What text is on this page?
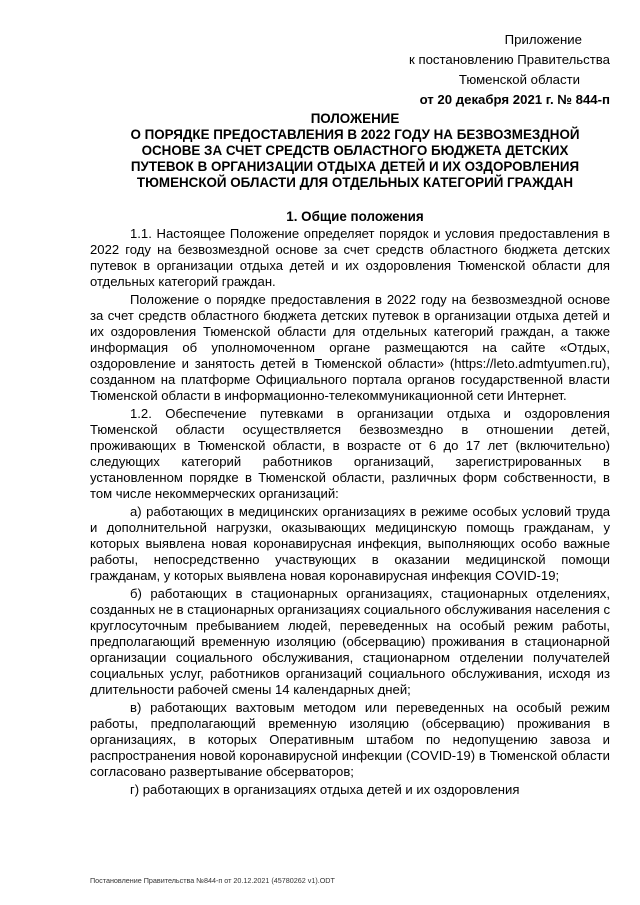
Приложение
к постановлению Правительства
Тюменской области
от 20 декабря 2021 г. № 844-п
ПОЛОЖЕНИЕ
О ПОРЯДКЕ ПРЕДОСТАВЛЕНИЯ В 2022 ГОДУ НА БЕЗВОЗМЕЗДНОЙ
ОСНОВЕ ЗА СЧЕТ СРЕДСТВ ОБЛАСТНОГО БЮДЖЕТА ДЕТСКИХ
ПУТЕВОК В ОРГАНИЗАЦИИ ОТДЫХА ДЕТЕЙ И ИХ ОЗДОРОВЛЕНИЯ
ТЮМЕНСКОЙ ОБЛАСТИ ДЛЯ ОТДЕЛЬНЫХ КАТЕГОРИЙ ГРАЖДАН
1. Общие положения

1.1. Настоящее Положение определяет порядок и условия предоставления в 2022 году на безвозмездной основе за счет средств областного бюджета детских путевок в организации отдыха детей и их оздоровления Тюменской области для отдельных категорий граждан.

Положение о порядке предоставления в 2022 году на безвозмездной основе за счет средств областного бюджета детских путевок в организации отдыха детей и их оздоровления Тюменской области для отдельных категорий граждан, а также информация об уполномоченном органе размещаются на сайте «Отдых, оздоровление и занятость детей в Тюменской области» (https://leto.admtyumen.ru), созданном на платформе Официального портала органов государственной власти Тюменской области в информационно-телекоммуникационной сети Интернет.

1.2. Обеспечение путевками в организации отдыха и оздоровления Тюменской области осуществляется безвозмездно в отношении детей, проживающих в Тюменской области, в возрасте от 6 до 17 лет (включительно) следующих категорий работников организаций, зарегистрированных в установленном порядке в Тюменской области, различных форм собственности, в том числе некоммерческих организаций:

а) работающих в медицинских организациях в режиме особых условий труда и дополнительной нагрузки, оказывающих медицинскую помощь гражданам, у которых выявлена новая коронавирусная инфекция, выполняющих особо важные работы, непосредственно участвующих в оказании медицинской помощи гражданам, у которых выявлена новая коронавирусная инфекция COVID-19;

б) работающих в стационарных организациях, стационарных отделениях, созданных не в стационарных организациях социального обслуживания населения с круглосуточным пребыванием людей, переведенных на особый режим работы, предполагающий временную изоляцию (обсервацию) проживания в стационарной организации социального обслуживания, стационарном отделении получателей социальных услуг, работников организаций социального обслуживания, исходя из длительности рабочей смены 14 календарных дней;

в) работающих вахтовым методом или переведенных на особый режим работы, предполагающий временную изоляцию (обсервацию) проживания в организациях, в которых Оперативным штабом по недопущению завоза и распространения новой коронавирусной инфекции (COVID-19) в Тюменской области согласовано развертывание обсерваторов;

г) работающих в организациях отдыха детей и их оздоровления

Постановление Правительства №844-п от 20.12.2021 (45780262 v1).ODT
